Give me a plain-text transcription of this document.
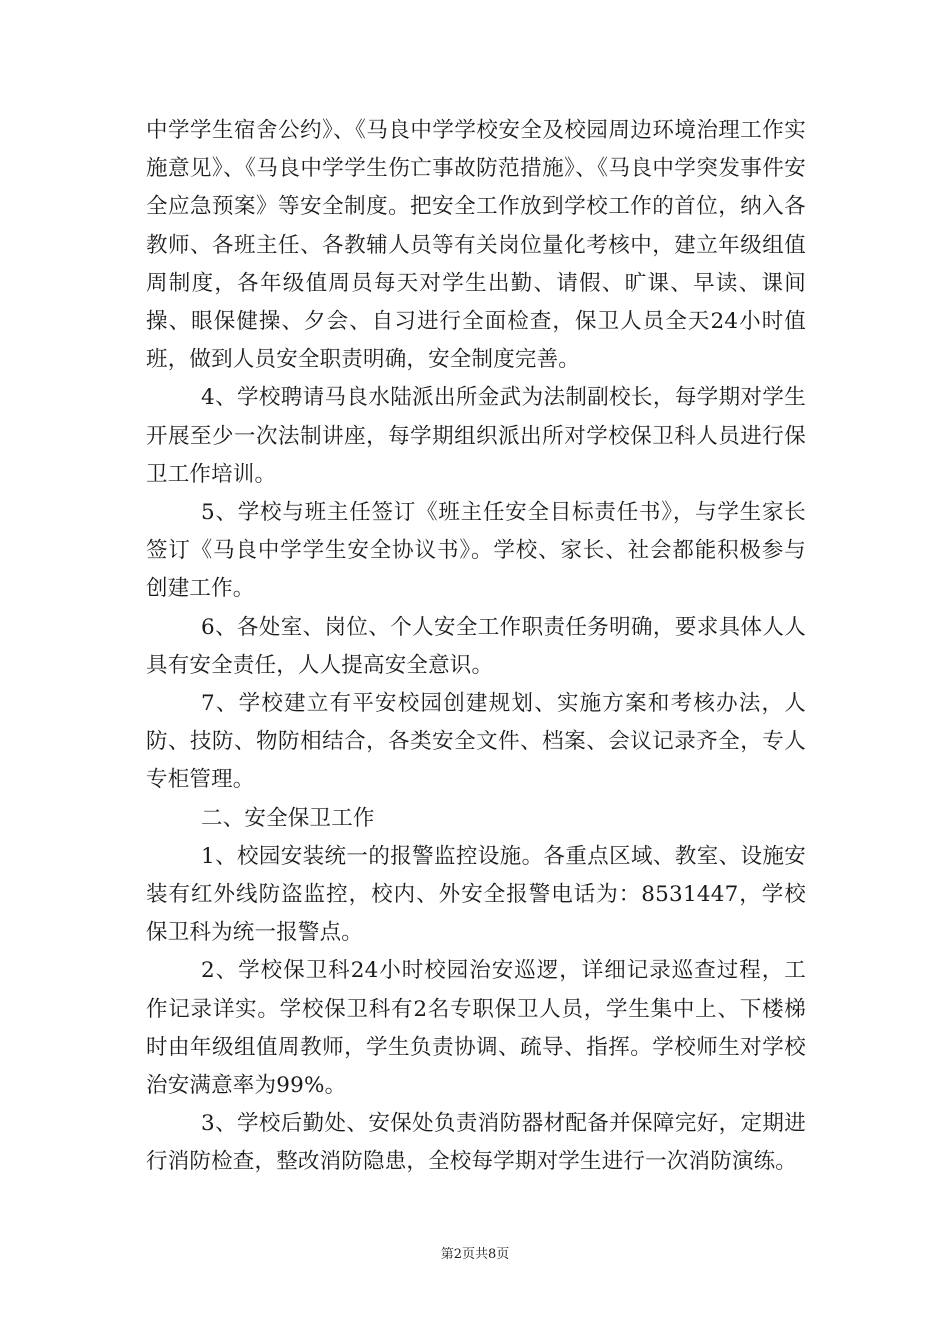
中学学生宿舍公约》、《马良中学学校安全及校园周边环境治理工作实施意见》、《马良中学学生伤亡事故防范措施》、《马良中学突发事件安全应急预案》等安全制度。把安全工作放到学校工作的首位，纳入各教师、各班主任、各教辅人员等有关岗位量化考核中，建立年级组值周制度，各年级值周员每天对学生出勤、请假、旷课、早读、课间操、眼保健操、夕会、自习进行全面检查，保卫人员全天24小时值班，做到人员安全职责明确，安全制度完善。

4、学校聘请马良水陆派出所金武为法制副校长，每学期对学生开展至少一次法制讲座，每学期组织派出所对学校保卫科人员进行保卫工作培训。

5、学校与班主任签订《班主任安全目标责任书》，与学生家长签订《马良中学学生安全协议书》。学校、家长、社会都能积极参与创建工作。

6、各处室、岗位、个人安全工作职责任务明确，要求具体人人具有安全责任，人人提高安全意识。

7、学校建立有平安校园创建规划、实施方案和考核办法，人防、技防、物防相结合，各类安全文件、档案、会议记录齐全，专人专柜管理。

二、安全保卫工作

1、校园安装统一的报警监控设施。各重点区域、教室、设施安装有红外线防盗监控，校内、外安全报警电话为：8531447，学校保卫科为统一报警点。

2、学校保卫科24小时校园治安巡逻，详细记录巡查过程，工作记录详实。学校保卫科有2名专职保卫人员，学生集中上、下楼梯时由年级组值周教师，学生负责协调、疏导、指挥。学校师生对学校治安满意率为99%。

3、学校后勤处、安保处负责消防器材配备并保障完好，定期进行消防检查，整改消防隐患，全校每学期对学生进行一次消防演练。

第2页共8页
